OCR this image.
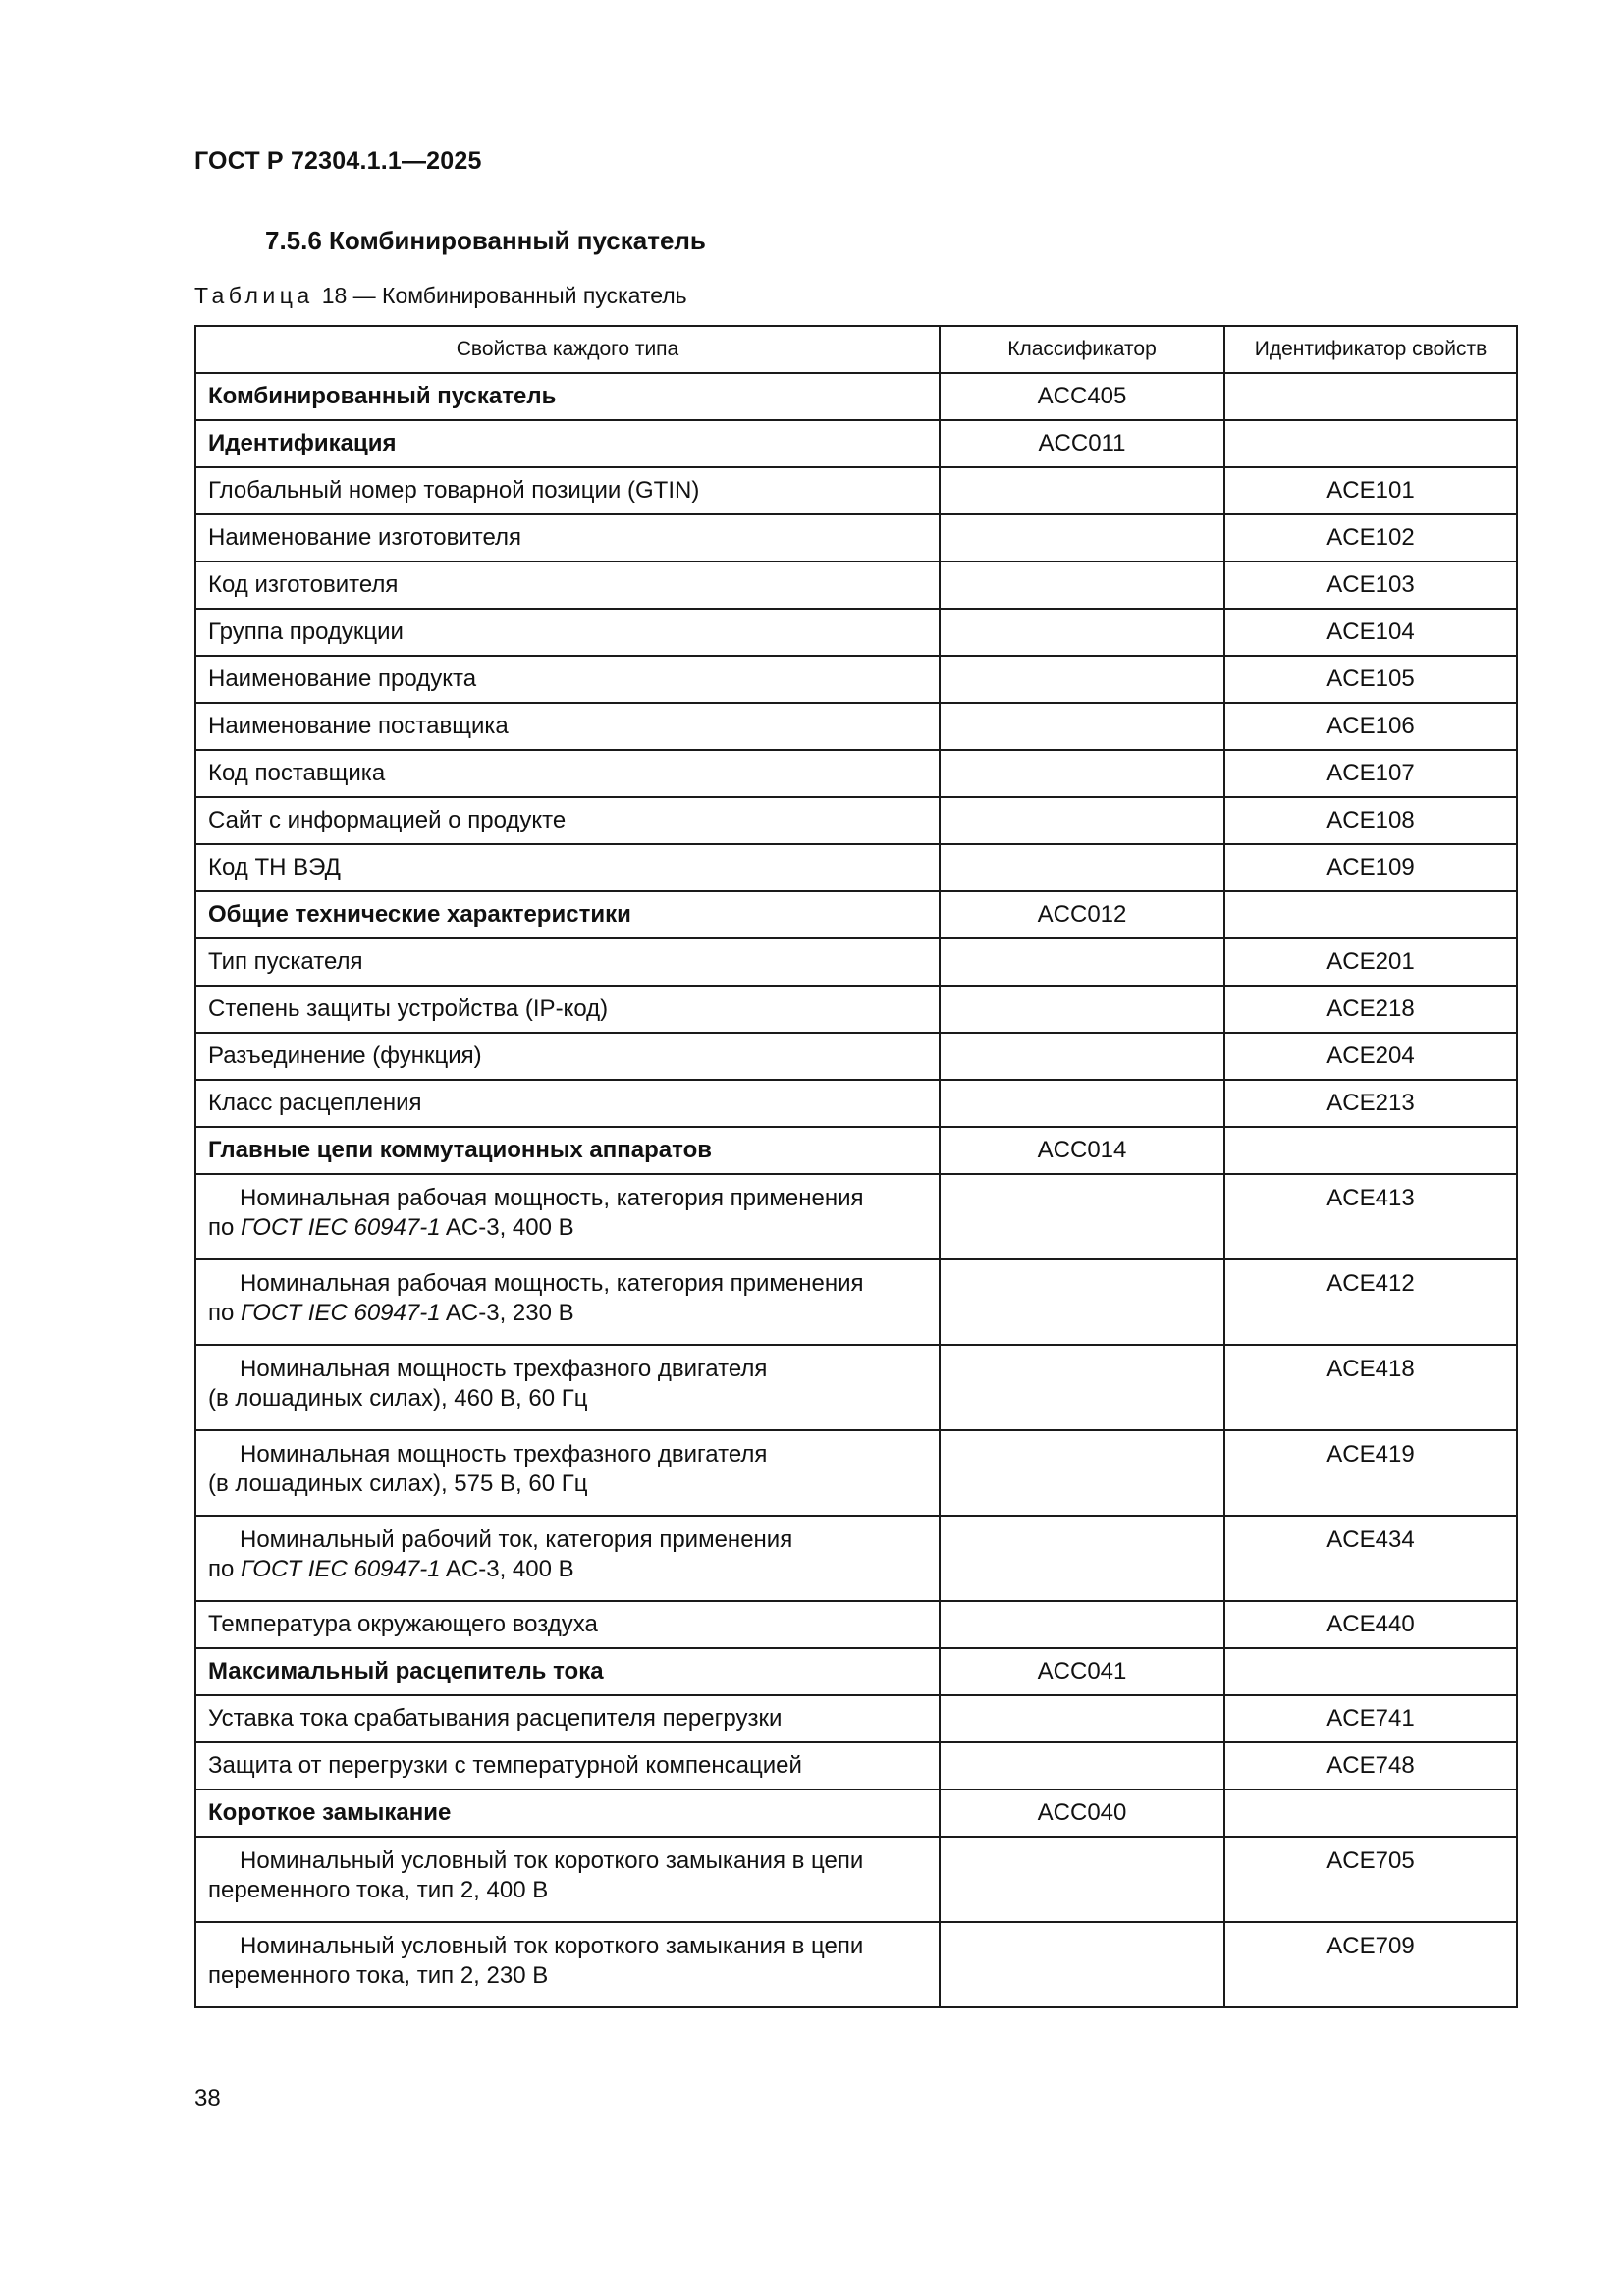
ГОСТ Р 72304.1.1—2025
7.5.6 Комбинированный пускатель
Таблица 18 — Комбинированный пускатель
Свойства каждого типа	Классификатор	Идентификатор свойств
Комбинированный пускатель	ACC405	
Идентификация	ACC011	
Глобальный номер товарной позиции (GTIN)		ACE101
Наименование изготовителя		ACE102
Код изготовителя		ACE103
Группа продукции		ACE104
Наименование продукта		ACE105
Наименование поставщика		ACE106
Код поставщика		ACE107
Сайт с информацией о продукте		ACE108
Код ТН ВЭД		ACE109
Общие технические характеристики	ACC012	
Тип пускателя		ACE201
Степень защиты устройства (IP-код)		ACE218
Разъединение (функция)		ACE204
Класс расцепления		ACE213
Главные цепи коммутационных аппаратов	ACC014	
Номинальная рабочая мощность, категория применения
по ГОСТ IEC 60947-1 AC-3, 400 В		ACE413
Номинальная рабочая мощность, категория применения
по ГОСТ IEC 60947-1 AC-3, 230 В		ACE412
Номинальная мощность трехфазного двигателя
(в лошадиных силах), 460 В, 60 Гц		ACE418
Номинальная мощность трехфазного двигателя
(в лошадиных силах), 575 В, 60 Гц		ACE419
Номинальный рабочий ток, категория применения
по ГОСТ IEC 60947-1 AC-3, 400 В		ACE434
Температура окружающего воздуха		ACE440
Максимальный расцепитель тока	ACC041	
Уставка тока срабатывания расцепителя перегрузки		ACE741
Защита от перегрузки с температурной компенсацией		ACE748
Короткое замыкание	ACC040	
Номинальный условный ток короткого замыкания в цепи
переменного тока, тип 2, 400 В		ACE705
Номинальный условный ток короткого замыкания в цепи
переменного тока, тип 2, 230 В		ACE709
38
